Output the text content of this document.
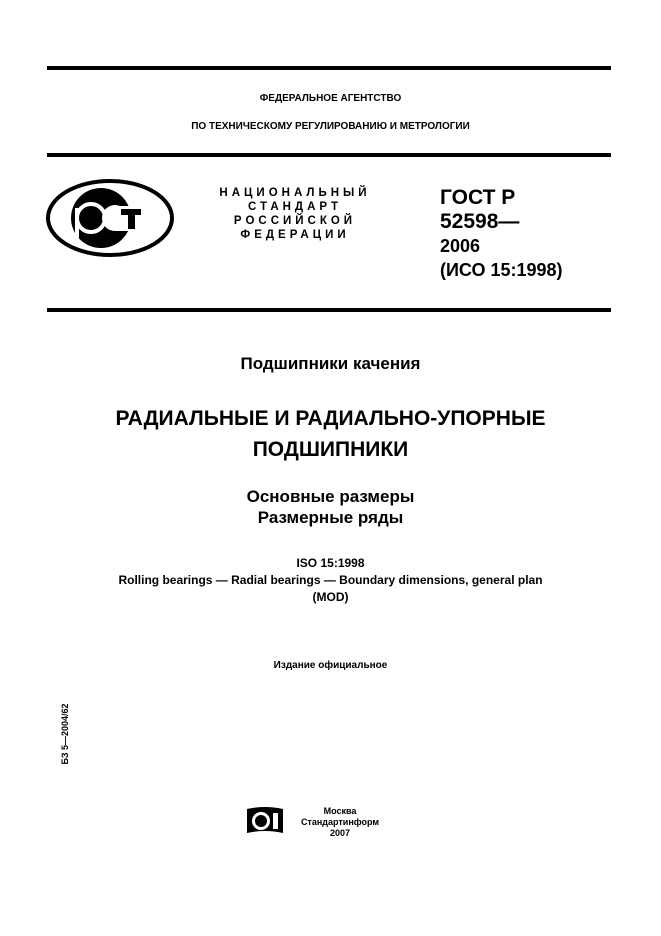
ФЕДЕРАЛЬНОЕ АГЕНТСТВО
ПО ТЕХНИЧЕСКОМУ РЕГУЛИРОВАНИЮ И МЕТРОЛОГИИ
НАЦИОНАЛЬНЫЙ
СТАНДАРТ
РОССИЙСКОЙ
ФЕДЕРАЦИИ
ГОСТ Р
52598—
2006
(ИСО 15:1998)
Подшипники качения
РАДИАЛЬНЫЕ И РАДИАЛЬНО-УПОРНЫЕ
ПОДШИПНИКИ
Основные размеры
Размерные ряды
ISO 15:1998
Rolling bearings — Radial bearings — Boundary dimensions, general plan
(MOD)
Издание официальное
БЗ 5—2004/62
Москва
Стандартинформ
2007
